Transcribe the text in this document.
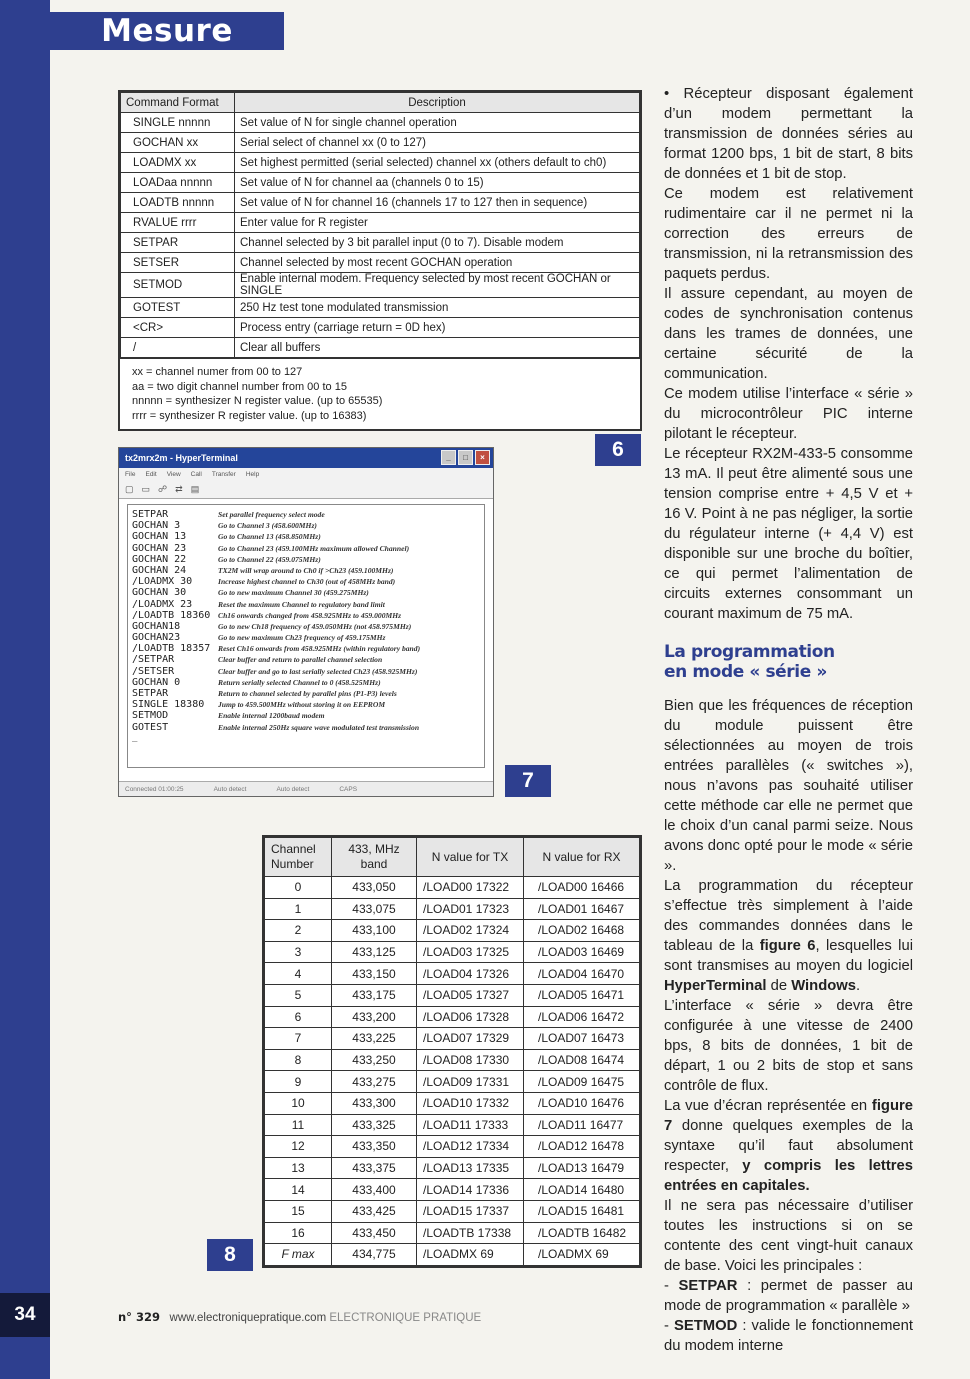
34
Mesure
Command Format	Description
SINGLE nnnnn	Set value of N for single channel operation
GOCHAN xx	Serial select of channel xx (0 to 127)
LOADMX xx	Set highest permitted (serial selected) channel xx (others default to ch0)
LOADaa nnnnn	Set value of N for channel aa (channels 0 to 15)
LOADTB nnnnn	Set value of N for channel 16 (channels 17 to 127 then in sequence)
RVALUE rrrr	Enter value for R register
SETPAR	Channel selected by 3 bit parallel input (0 to 7). Disable modem
SETSER	Channel selected by most recent GOCHAN operation
SETMOD	Enable internal modem. Frequency selected by most recent GOCHAN or SINGLE
GOTEST	250 Hz test tone modulated transmission
<CR>	Process entry (carriage return = 0D hex)
/	Clear all buffers
xx = channel numer from 00 to 127
aa = two digit channel number from 00 to 15
nnnnn = synthesizer N register value. (up to 65535)
rrrr = synthesizer R register value. (up to 16383)
6
tx2mrx2m - HyperTerminal	_	□	×
File Edit View Call Transfer Help
▢ ▭ ☍ ⇄ ▤
SETPAR	Set parallel frequency select mode
GOCHAN 3	Go to Channel 3 (458.600MHz)
GOCHAN 13	Go to Channel 13 (458.850MHz)
GOCHAN 23	Go to Channel 23 (459.100MHz maximum allowed Channel)
GOCHAN 22	Go to Channel 22 (459.075MHz)
GOCHAN 24	TX2M will wrap around to Ch0 if >Ch23 (459.100MHz)
/LOADMX 30	Increase highest channel to Ch30 (out of 458MHz band)
GOCHAN 30	Go to new maximum Channel 30 (459.275MHz)
/LOADMX 23	Reset the maximum Channel to regulatory band limit
/LOADTB 18360	Ch16 onwards changed from 458.925MHz to 459.000MHz
GOCHAN18	Go to new Ch18 frequency of 459.050MHz (not 458.975MHz)
GOCHAN23	Go to new maximum Ch23 frequency of 459.175MHz
/LOADTB 18357	Reset Ch16 onwards from 458.925MHz (within regulatory band)
/SETPAR	Clear buffer and return to parallel channel selection
/SETSER	Clear buffer and go to last serially selected Ch23 (458.925MHz)
GOCHAN 0	Return serially selected Channel to 0 (458.525MHz)
SETPAR	Return to channel selected by parallel pins (P1-P3) levels
SINGLE 18380	Jump to 459.500MHz without storing it on EEPROM
SETMOD	Enable internal 1200baud modem
GOTEST	Enable internal 250Hz square wave modulated test transmission
_
Connected 01:00:25	Auto detect	Auto detect	CAPS	7
Channel Number	433, MHz band	N value for TX	N value for RX
0	433,050	/LOAD00 17322	/LOAD00 16466
1	433,075	/LOAD01 17323	/LOAD01 16467
2	433,100	/LOAD02 17324	/LOAD02 16468
3	433,125	/LOAD03 17325	/LOAD03 16469
4	433,150	/LOAD04 17326	/LOAD04 16470
5	433,175	/LOAD05 17327	/LOAD05 16471
6	433,200	/LOAD06 17328	/LOAD06 16472
7	433,225	/LOAD07 17329	/LOAD07 16473
8	433,250	/LOAD08 17330	/LOAD08 16474
9	433,275	/LOAD09 17331	/LOAD09 16475
10	433,300	/LOAD10 17332	/LOAD10 16476
11	433,325	/LOAD11 17333	/LOAD11 16477
12	433,350	/LOAD12 17334	/LOAD12 16478
13	433,375	/LOAD13 17335	/LOAD13 16479
14	433,400	/LOAD14 17336	/LOAD14 16480
15	433,425	/LOAD15 17337	/LOAD15 16481
16	433,450	/LOADTB 17338	/LOADTB 16482
F max	434,775	/LOADMX 69	/LOADMX 69
8

• Récepteur disposant également d’un modem permettant la transmission de données séries au format 1200 bps, 1 bit de start, 8 bits de données et 1 bit de stop.

Ce modem est relativement rudimentaire car il ne permet ni la correction des erreurs de transmission, ni la retransmission des paquets perdus.

Il assure cependant, au moyen de codes de synchronisation contenus dans les trames de données, une certaine sécurité de la communication.

Ce modem utilise l’interface « série » du microcontrôleur PIC interne pilotant le récepteur.

Le récepteur RX2M-433-5 consomme 13 mA. Il peut être alimenté sous une tension comprise entre + 4,5 V et + 16 V. Point à ne pas négliger, la sortie du régulateur interne (+ 4,4 V) est disponible sur une broche du boîtier, ce qui permet l’alimentation de circuits externes consommant un courant maximum de 75 mA.

La programmation
en mode « série »

Bien que les fréquences de réception du module puissent être sélectionnées au moyen de trois entrées parallèles (« switches »), nous n’avons pas souhaité utiliser cette méthode car elle ne permet que le choix d’un canal parmi seize. Nous avons donc opté pour le mode « série ».

La programmation du récepteur s’effectue très simplement à l’aide des commandes données dans le tableau de la figure 6, lesquelles lui sont transmises au moyen du logiciel HyperTerminal de Windows.

L’interface « série » devra être configurée à une vitesse de 2400 bps, 8 bits de données, 1 bit de départ, 1 ou 2 bits de stop et sans contrôle de flux.

La vue d’écran représentée en figure 7 donne quelques exemples de la syntaxe qu’il faut absolument respecter, y compris les lettres entrées en capitales.

Il ne sera pas nécessaire d’utiliser toutes les instructions si on se contente des cent vingt-huit canaux de base. Voici les principales :

- SETPAR : permet de passer au mode de programmation « parallèle »

- SETMOD : valide le fonctionnement du modem interne

n° 329 www.electroniquepratique.com ELECTRONIQUE PRATIQUE
